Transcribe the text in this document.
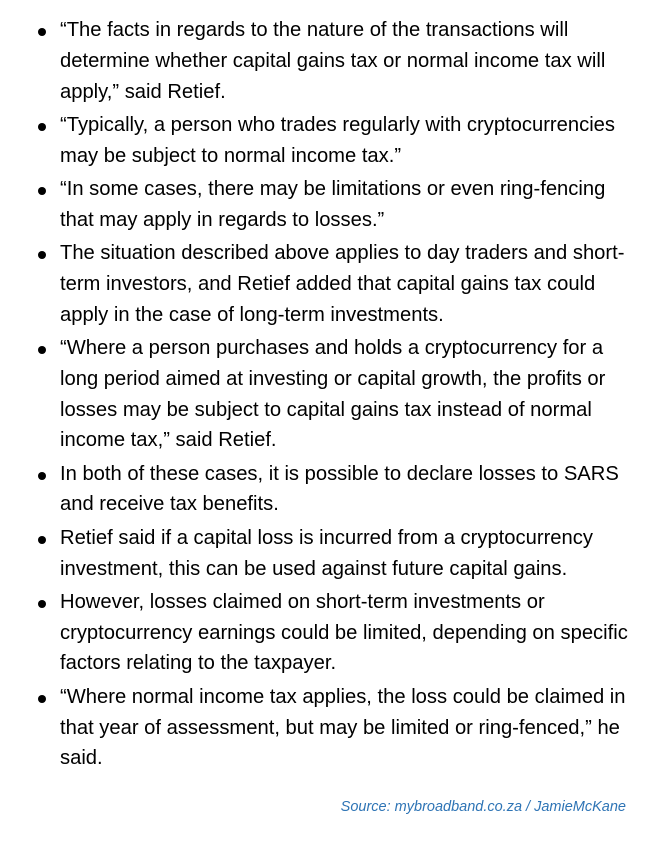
“The facts in regards to the nature of the transactions will determine whether capital gains tax or normal income tax will apply,” said Retief.
“Typically, a person who trades regularly with cryptocurrencies may be subject to normal income tax.”
“In some cases, there may be limitations or even ring-fencing that may apply in regards to losses.”
The situation described above applies to day traders and short-term investors, and Retief added that capital gains tax could apply in the case of long-term investments.
“Where a person purchases and holds a cryptocurrency for a long period aimed at investing or capital growth, the profits or losses may be subject to capital gains tax instead of normal income tax,” said Retief.
In both of these cases, it is possible to declare losses to SARS and receive tax benefits.
Retief said if a capital loss is incurred from a cryptocurrency investment, this can be used against future capital gains.
However, losses claimed on short-term investments or cryptocurrency earnings could be limited, depending on specific factors relating to the taxpayer.
“Where normal income tax applies, the loss could be claimed in that year of assessment, but may be limited or ring-fenced,” he said.
Source: mybroadband.co.za / JamieMcKane
